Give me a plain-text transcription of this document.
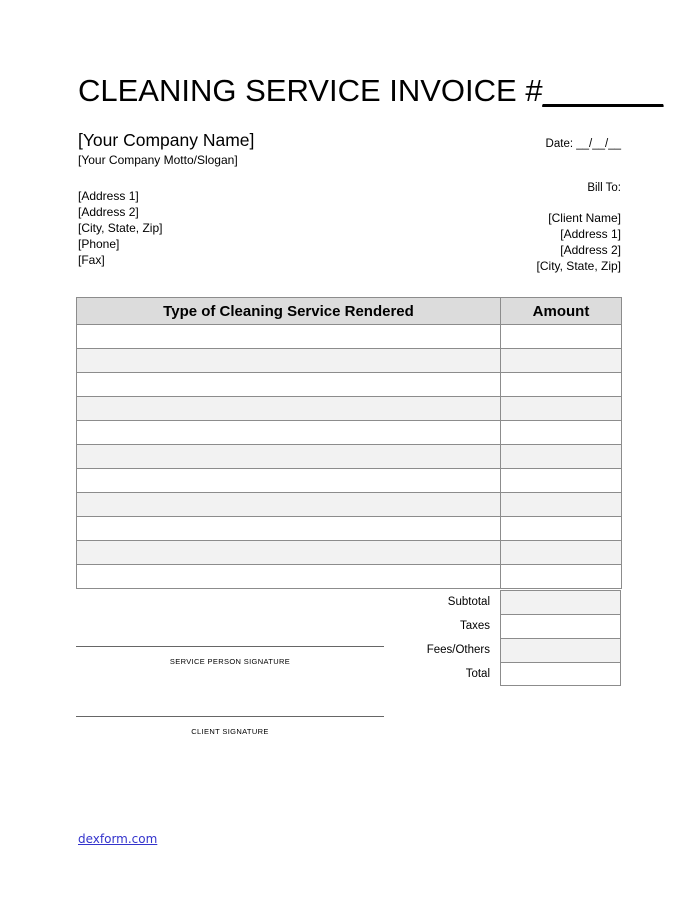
CLEANING SERVICE INVOICE #_______
[Your Company Name]
[Your Company Motto/Slogan]
[Address 1]
[Address 2]
[City, State, Zip]
[Phone]
[Fax]
Date: __/__/__
Bill To:
[Client Name]
[Address 1]
[Address 2]
[City, State, Zip]
Type of Cleaning Service Rendered	Amount

Subtotal
Taxes
Fees/Others
Total
SERVICE PERSON SIGNATURE
CLIENT SIGNATURE
dexform.com
